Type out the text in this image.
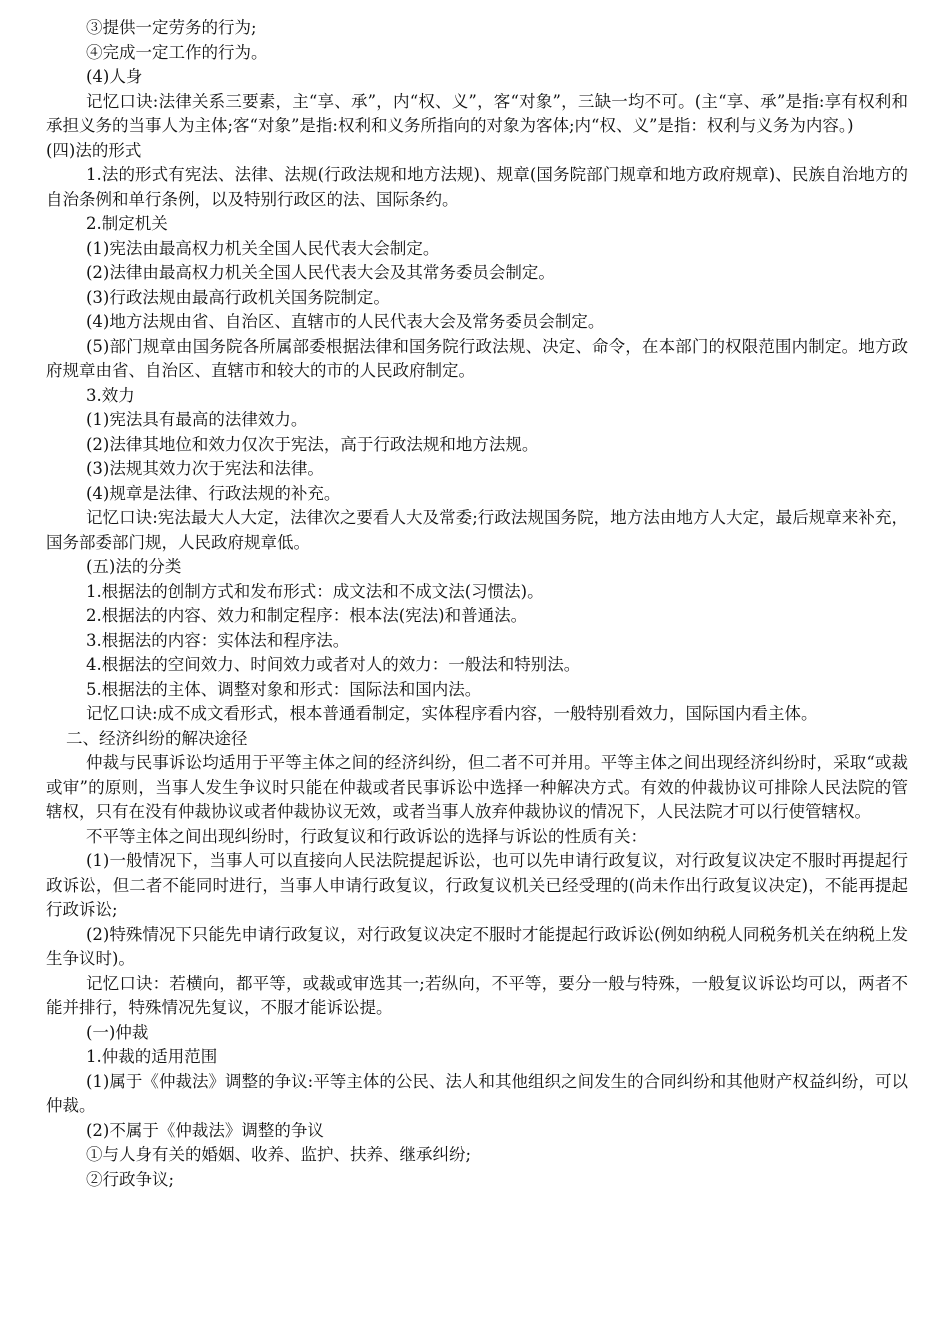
③提供一定劳务的行为;
④完成一定工作的行为。
(4)人身
记忆口诀:法律关系三要素，主“享、承”，内“权、义”，客“对象”，三缺一均不可。(主“享、承”是指:享有权利和承担义务的当事人为主体;客“对象”是指:权利和义务所指向的对象为客体;内“权、义”是指：权利与义务为内容。)
(四)法的形式
1.法的形式有宪法、法律、法规(行政法规和地方法规)、规章(国务院部门规章和地方政府规章)、民族自治地方的自治条例和单行条例，以及特别行政区的法、国际条约。
2.制定机关
(1)宪法由最高权力机关全国人民代表大会制定。
(2)法律由最高权力机关全国人民代表大会及其常务委员会制定。
(3)行政法规由最高行政机关国务院制定。
(4)地方法规由省、自治区、直辖市的人民代表大会及常务委员会制定。
(5)部门规章由国务院各所属部委根据法律和国务院行政法规、决定、命令，在本部门的权限范围内制定。地方政府规章由省、自治区、直辖市和较大的市的人民政府制定。
3.效力
(1)宪法具有最高的法律效力。
(2)法律其地位和效力仅次于宪法，高于行政法规和地方法规。
(3)法规其效力次于宪法和法律。
(4)规章是法律、行政法规的补充。
记忆口诀:宪法最大人大定，法律次之要看人大及常委;行政法规国务院，地方法由地方人大定，最后规章来补充，国务部委部门规，人民政府规章低。
(五)法的分类
1.根据法的创制方式和发布形式：成文法和不成文法(习惯法)。
2.根据法的内容、效力和制定程序：根本法(宪法)和普通法。
3.根据法的内容：实体法和程序法。
4.根据法的空间效力、时间效力或者对人的效力：一般法和特别法。
5.根据法的主体、调整对象和形式：国际法和国内法。
记忆口诀:成不成文看形式，根本普通看制定，实体程序看内容，一般特别看效力，国际国内看主体。
二、经济纠纷的解决途径
仲裁与民事诉讼均适用于平等主体之间的经济纠纷，但二者不可并用。平等主体之间出现经济纠纷时，采取“或裁或审”的原则，当事人发生争议时只能在仲裁或者民事诉讼中选择一种解决方式。有效的仲裁协议可排除人民法院的管辖权，只有在没有仲裁协议或者仲裁协议无效，或者当事人放弃仲裁协议的情况下，人民法院才可以行使管辖权。
不平等主体之间出现纠纷时，行政复议和行政诉讼的选择与诉讼的性质有关：
(1)一般情况下，当事人可以直接向人民法院提起诉讼，也可以先申请行政复议，对行政复议决定不服时再提起行政诉讼，但二者不能同时进行，当事人申请行政复议，行政复议机关已经受理的(尚未作出行政复议决定)，不能再提起行政诉讼;
(2)特殊情况下只能先申请行政复议，对行政复议决定不服时才能提起行政诉讼(例如纳税人同税务机关在纳税上发生争议时)。
记忆口诀：若横向，都平等，或裁或审选其一;若纵向，不平等，要分一般与特殊，一般复议诉讼均可以，两者不能并排行，特殊情况先复议，不服才能诉讼提。
(一)仲裁
1.仲裁的适用范围
(1)属于《仲裁法》调整的争议:平等主体的公民、法人和其他组织之间发生的合同纠纷和其他财产权益纠纷，可以仲裁。
(2)不属于《仲裁法》调整的争议
①与人身有关的婚姻、收养、监护、扶养、继承纠纷;
②行政争议;
